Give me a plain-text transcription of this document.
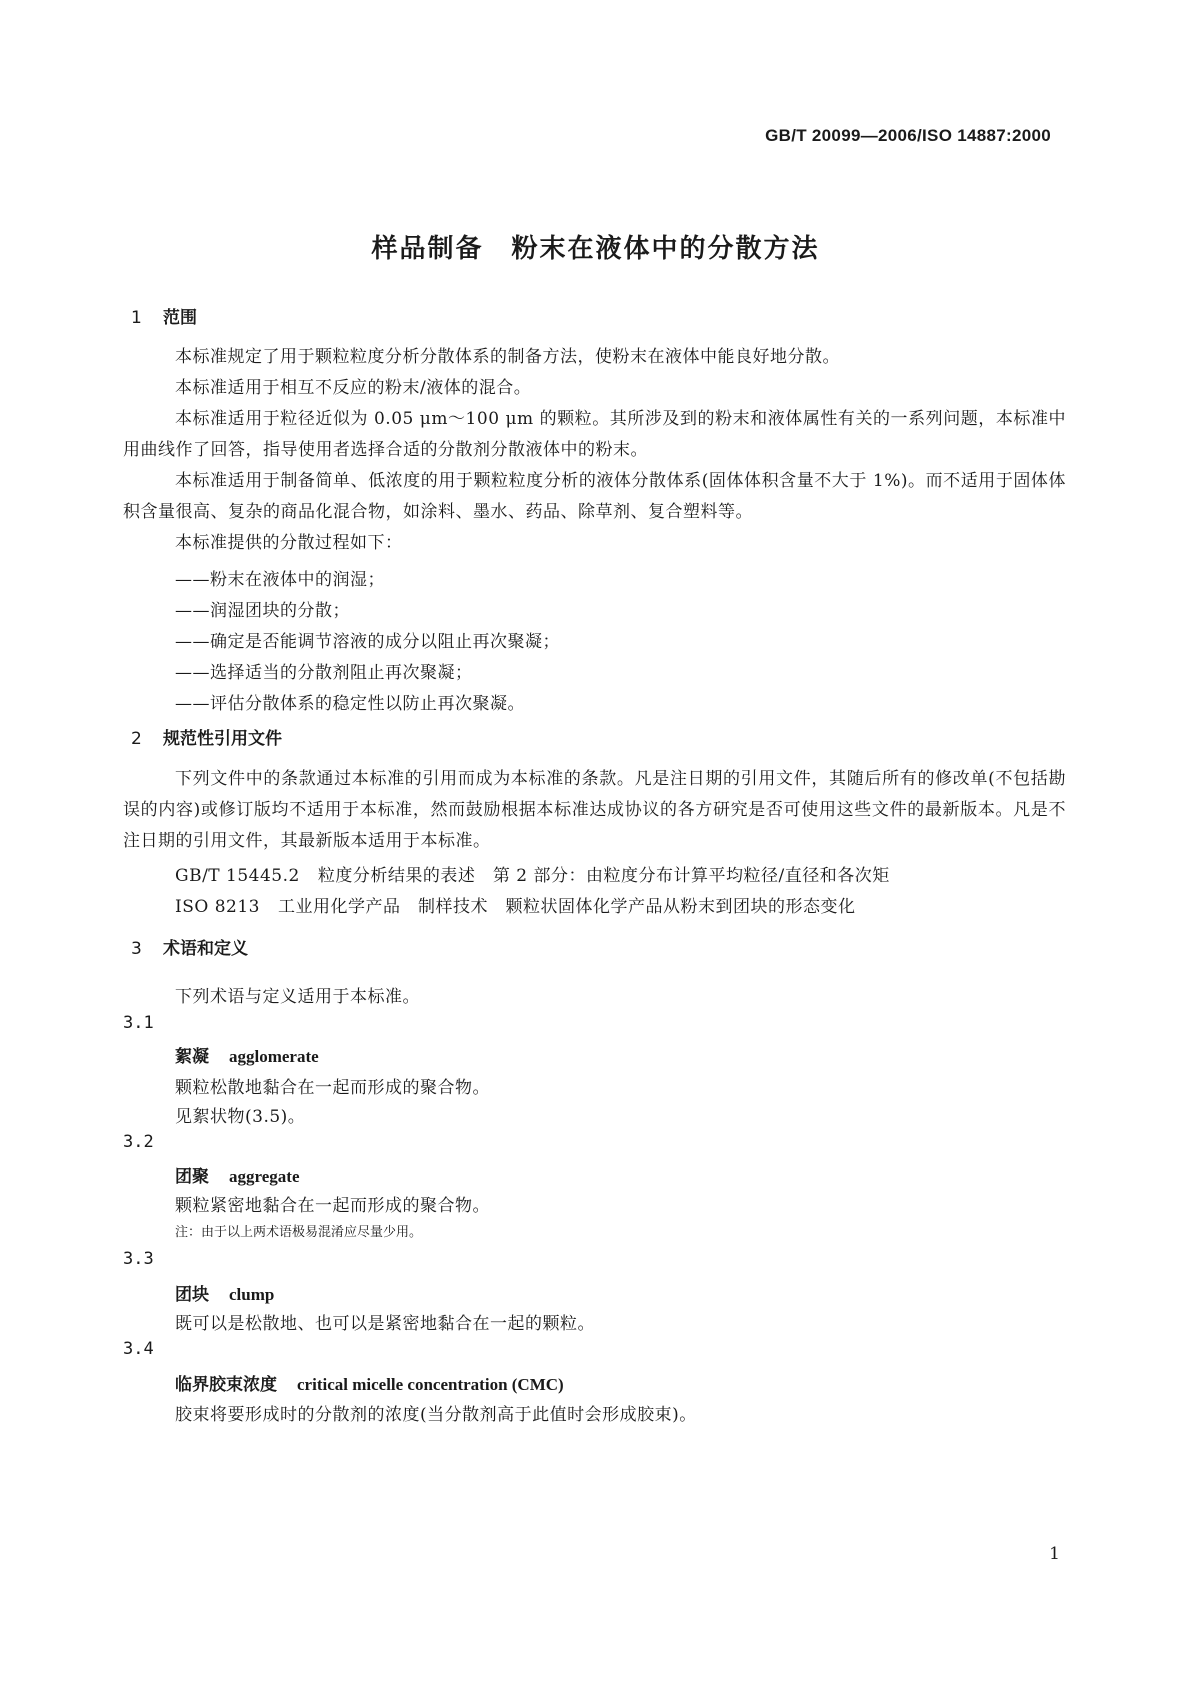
GB/T 20099—2006/ISO 14887:2000
样品制备 粉末在液体中的分散方法
1 范围

本标准规定了用于颗粒粒度分析分散体系的制备方法，使粉末在液体中能良好地分散。

本标准适用于相互不反应的粉末/液体的混合。

本标准适用于粒径近似为 0.05 μm～100 μm 的颗粒。其所涉及到的粉末和液体属性有关的一系列问题，本标准中用曲线作了回答，指导使用者选择合适的分散剂分散液体中的粉末。

本标准适用于制备简单、低浓度的用于颗粒粒度分析的液体分散体系(固体体积含量不大于 1%)。而不适用于固体体积含量很高、复杂的商品化混合物，如涂料、墨水、药品、除草剂、复合塑料等。

本标准提供的分散过程如下：

——粉末在液体中的润湿；
——润湿团块的分散；
——确定是否能调节溶液的成分以阻止再次聚凝；
——选择适当的分散剂阻止再次聚凝；
——评估分散体系的稳定性以防止再次聚凝。
2 规范性引用文件

下列文件中的条款通过本标准的引用而成为本标准的条款。凡是注日期的引用文件，其随后所有的修改单(不包括勘误的内容)或修订版均不适用于本标准，然而鼓励根据本标准达成协议的各方研究是否可使用这些文件的最新版本。凡是不注日期的引用文件，其最新版本适用于本标准。

GB/T 15445.2 粒度分析结果的表述　第 2 部分：由粒度分布计算平均粒径/直径和各次矩
ISO 8213 工业用化学产品　制样技术　颗粒状固体化学产品从粉末到团块的形态变化
3 术语和定义
下列术语与定义适用于本标准。
3.1
絮凝 agglomerate
颗粒松散地黏合在一起而形成的聚合物。
见絮状物(3.5)。
3.2
团聚 aggregate
颗粒紧密地黏合在一起而形成的聚合物。
注：由于以上两术语极易混淆应尽量少用。
3.3
团块 clump
既可以是松散地、也可以是紧密地黏合在一起的颗粒。
3.4
临界胶束浓度 critical micelle concentration (CMC)
胶束将要形成时的分散剂的浓度(当分散剂高于此值时会形成胶束)。
1
